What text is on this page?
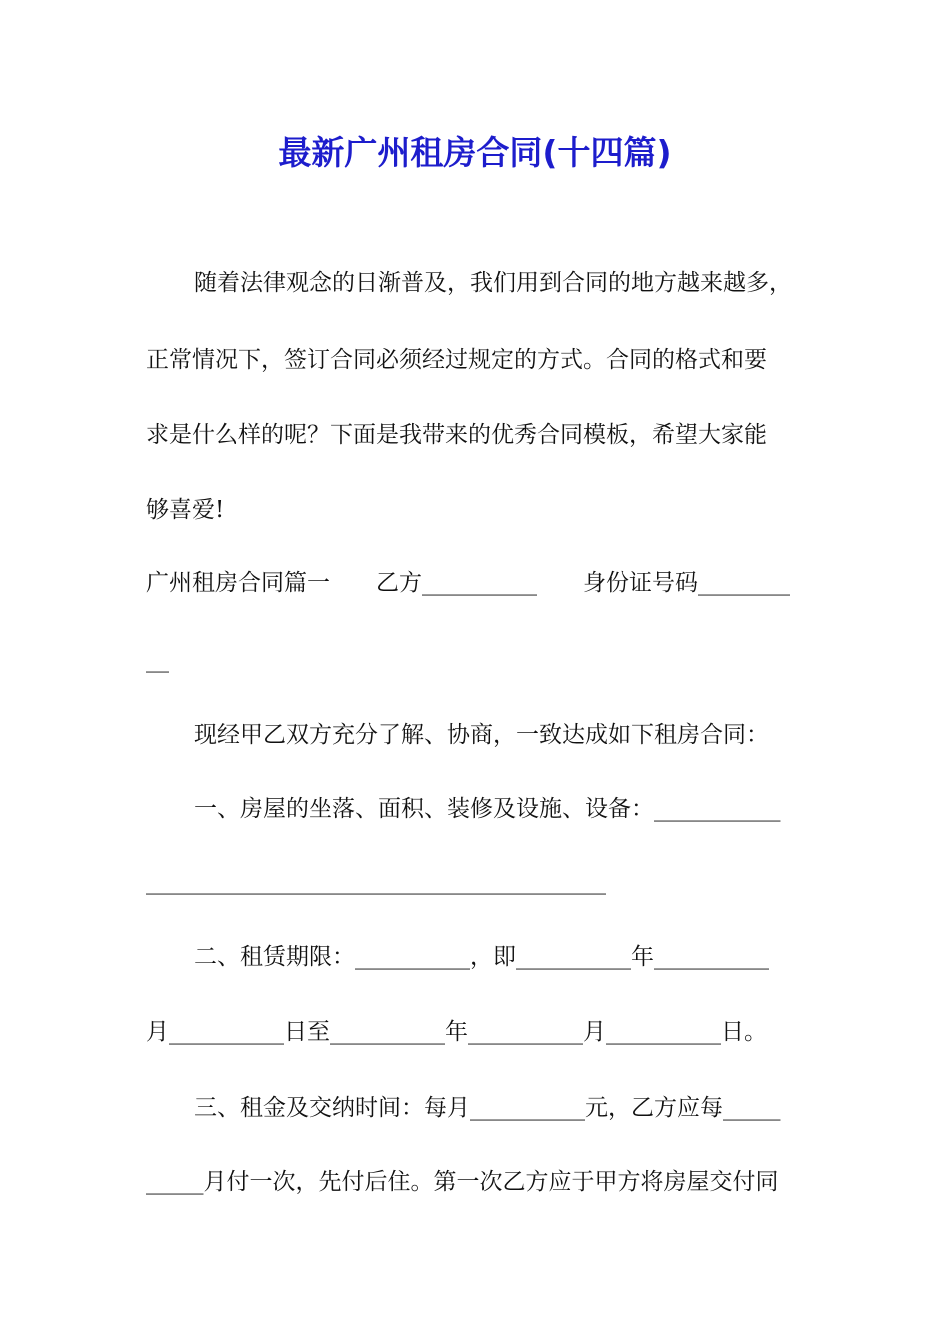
最新广州租房合同(十四篇)
随着法律观念的日渐普及，我们用到合同的地方越来越多，
正常情况下，签订合同必须经过规定的方式。合同的格式和要
求是什么样的呢？下面是我带来的优秀合同模板，希望大家能
够喜爱!
广州租房合同篇一　　乙方__________　　身份证号码________
__
现经甲乙双方充分了解、协商，一致达成如下租房合同：
一、房屋的坐落、面积、装修及设施、设备：___________
________________________________________
二、租赁期限：__________，即__________年__________
月__________日至__________年__________月__________日。
三、租金及交纳时间：每月__________元，乙方应每_____
_____月付一次，先付后住。第一次乙方应于甲方将房屋交付同
